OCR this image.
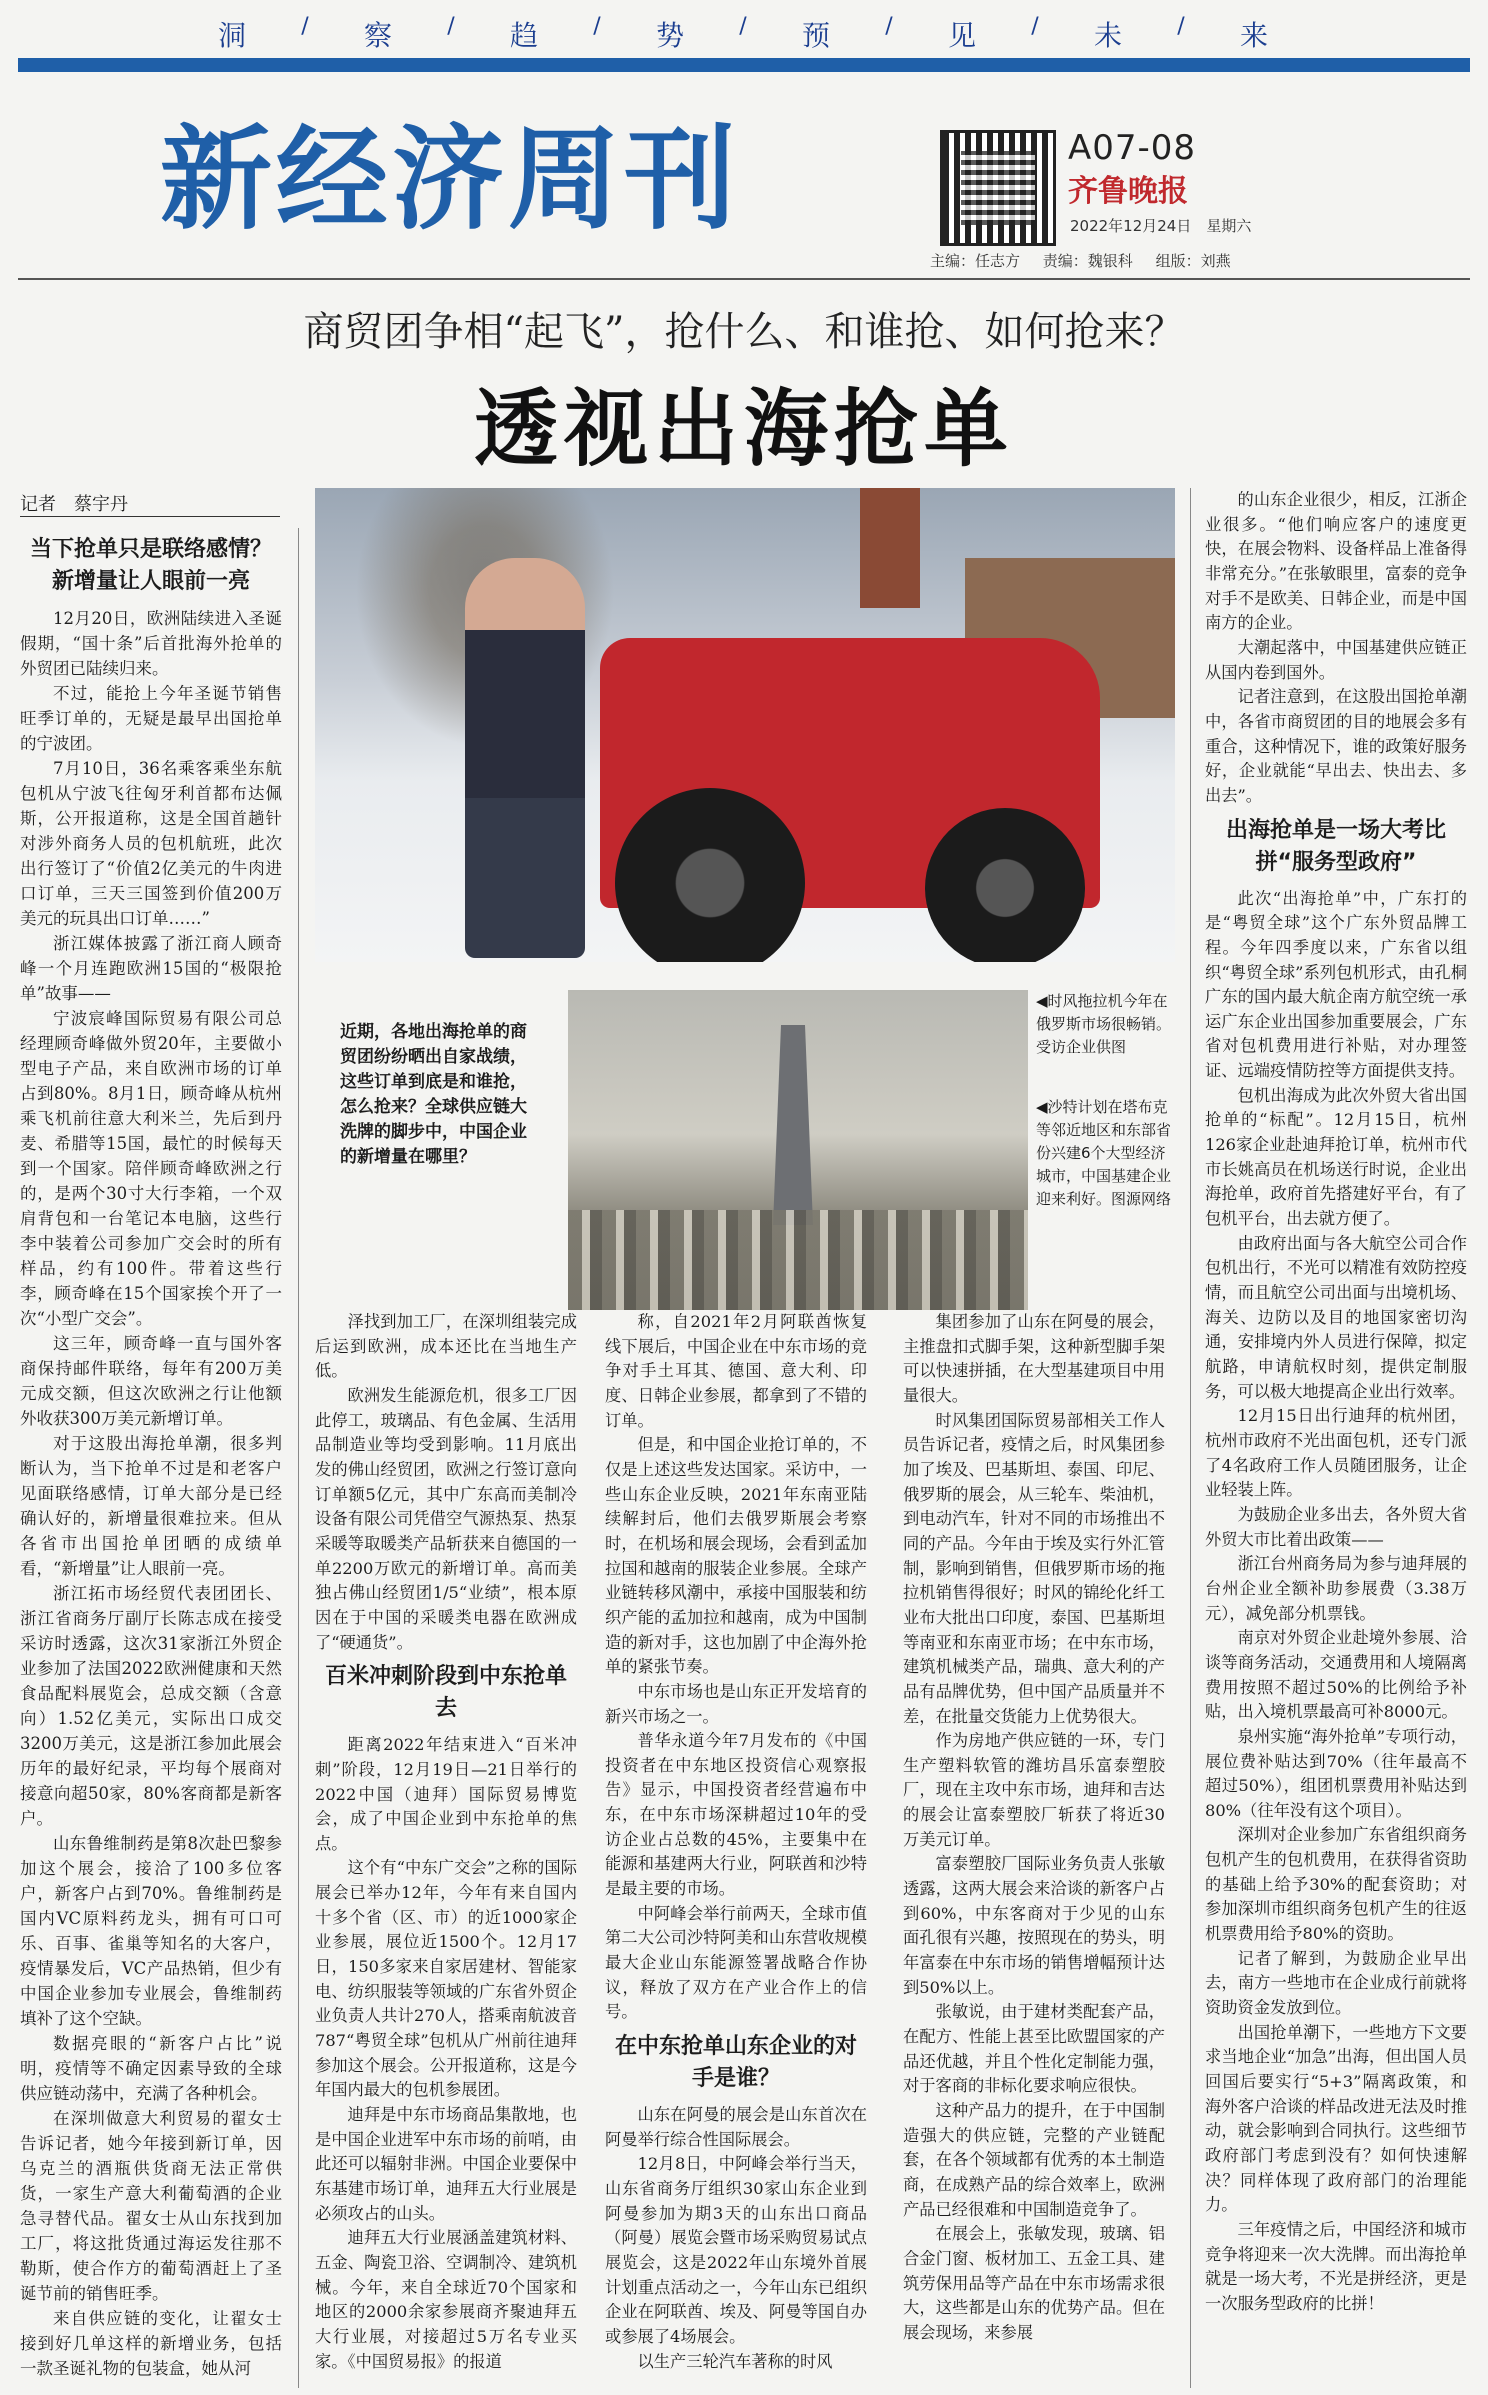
洞	/	察	/	趋	/	势	/	预	/	见	/	未	/	来
新经济周刊	A07-08
齐鲁晚报
2022年12月24日　星期六
主编：任志方 责编：魏银科 组版：刘燕
商贸团争相“起飞”，抢什么、和谁抢、如何抢来？
透视出海抢单
记者　蔡宇丹
◀时风拖拉机今年在俄罗斯市场很畅销。受访企业供图
◀沙特计划在塔布克等邻近地区和东部省份兴建6个大型经济城市，中国基建企业迎来利好。图源网络
近期，各地出海抢单的商贸团纷纷晒出自家战绩，这些订单到底是和谁抢，怎么抢来？全球供应链大洗牌的脚步中，中国企业的新增量在哪里？
当下抢单只是联络感情？新增量让人眼前一亮

12月20日，欧洲陆续进入圣诞假期，“国十条”后首批海外抢单的外贸团已陆续归来。

不过，能抢上今年圣诞节销售旺季订单的，无疑是最早出国抢单的宁波团。

7月10日，36名乘客乘坐东航包机从宁波飞往匈牙利首都布达佩斯，公开报道称，这是全国首趟针对涉外商务人员的包机航班，此次出行签订了“价值2亿美元的牛肉进口订单，三天三国签到价值200万美元的玩具出口订单……”

浙江媒体披露了浙江商人顾奇峰一个月连跑欧洲15国的“极限抢单”故事——

宁波宸峰国际贸易有限公司总经理顾奇峰做外贸20年，主要做小型电子产品，来自欧洲市场的订单占到80%。8月1日，顾奇峰从杭州乘飞机前往意大利米兰，先后到丹麦、希腊等15国，最忙的时候每天到一个国家。陪伴顾奇峰欧洲之行的，是两个30寸大行李箱，一个双肩背包和一台笔记本电脑，这些行李中装着公司参加广交会时的所有样品，约有100件。带着这些行李，顾奇峰在15个国家挨个开了一次“小型广交会”。

这三年，顾奇峰一直与国外客商保持邮件联络，每年有200万美元成交额，但这次欧洲之行让他额外收获300万美元新增订单。

对于这股出海抢单潮，很多判断认为，当下抢单不过是和老客户见面联络感情，订单大部分是已经确认好的，新增量很难拉来。但从各省市出国抢单团晒的成绩单看，“新增量”让人眼前一亮。

浙江拓市场经贸代表团团长、浙江省商务厅副厅长陈志成在接受采访时透露，这次31家浙江外贸企业参加了法国2022欧洲健康和天然食品配料展览会，总成交额（含意向）1.52亿美元，实际出口成交3200万美元，这是浙江参加此展会历年的最好纪录，平均每个展商对接意向超50家，80%客商都是新客户。

山东鲁维制药是第8次赴巴黎参加这个展会，接洽了100多位客户，新客户占到70%。鲁维制药是国内VC原料药龙头，拥有可口可乐、百事、雀巢等知名的大客户，疫情暴发后，VC产品热销，但少有中国企业参加专业展会，鲁维制药填补了这个空缺。

数据亮眼的“新客户占比”说明，疫情等不确定因素导致的全球供应链动荡中，充满了各种机会。

在深圳做意大利贸易的翟女士告诉记者，她今年接到新订单，因乌克兰的酒瓶供货商无法正常供货，一家生产意大利葡萄酒的企业急寻替代品。翟女士从山东找到加工厂，将这批货通过海运发往那不勒斯，使合作方的葡萄酒赶上了圣诞节前的销售旺季。

来自供应链的变化，让翟女士接到好几单这样的新增业务，包括一款圣诞礼物的包装盒，她从河

泽找到加工厂，在深圳组装完成后运到欧洲，成本还比在当地生产低。

欧洲发生能源危机，很多工厂因此停工，玻璃品、有色金属、生活用品制造业等均受到影响。11月底出发的佛山经贸团，欧洲之行签订意向订单额5亿元，其中广东高而美制冷设备有限公司凭借空气源热泵、热泵采暖等取暖类产品斩获来自德国的一单2200万欧元的新增订单。高而美独占佛山经贸团1/5“业绩”，根本原因在于中国的采暖类电器在欧洲成了“硬通货”。

百米冲刺阶段到中东抢单去

距离2022年结束进入“百米冲刺”阶段，12月19日—21日举行的2022中国（迪拜）国际贸易博览会，成了中国企业到中东抢单的焦点。

这个有“中东广交会”之称的国际展会已举办12年，今年有来自国内十多个省（区、市）的近1000家企业参展，展位近1500个。12月17日，150多家来自家居建材、智能家电、纺织服装等领域的广东省外贸企业负责人共计270人，搭乘南航波音787“粤贸全球”包机从广州前往迪拜参加这个展会。公开报道称，这是今年国内最大的包机参展团。

迪拜是中东市场商品集散地，也是中国企业进军中东市场的前哨，由此还可以辐射非洲。中国企业要保中东基建市场订单，迪拜五大行业展是必须攻占的山头。

迪拜五大行业展涵盖建筑材料、五金、陶瓷卫浴、空调制冷、建筑机械。今年，来自全球近70个国家和地区的2000余家参展商齐聚迪拜五大行业展，对接超过5万名专业买家。《中国贸易报》的报道

称，自2021年2月阿联酋恢复线下展后，中国企业在中东市场的竞争对手土耳其、德国、意大利、印度、日韩企业参展，都拿到了不错的订单。

但是，和中国企业抢订单的，不仅是上述这些发达国家。采访中，一些山东企业反映，2021年东南亚陆续解封后，他们去俄罗斯展会考察时，在机场和展会现场，会看到孟加拉国和越南的服装企业参展。全球产业链转移风潮中，承接中国服装和纺织产能的孟加拉和越南，成为中国制造的新对手，这也加剧了中企海外抢单的紧张节奏。

中东市场也是山东正开发培育的新兴市场之一。

普华永道今年7月发布的《中国投资者在中东地区投资信心观察报告》显示，中国投资者经营遍布中东，在中东市场深耕超过10年的受访企业占总数的45%，主要集中在能源和基建两大行业，阿联酋和沙特是最主要的市场。

中阿峰会举行前两天，全球市值第二大公司沙特阿美和山东营收规模最大企业山东能源签署战略合作协议，释放了双方在产业合作上的信号。

在中东抢单山东企业的对手是谁？

山东在阿曼的展会是山东首次在阿曼举行综合性国际展会。

12月8日，中阿峰会举行当天，山东省商务厅组织30家山东企业到阿曼参加为期3天的山东出口商品（阿曼）展览会暨市场采购贸易试点展览会，这是2022年山东境外首展计划重点活动之一，今年山东已组织企业在阿联酋、埃及、阿曼等国自办或参展了4场展会。

以生产三轮汽车著称的时风

集团参加了山东在阿曼的展会，主推盘扣式脚手架，这种新型脚手架可以快速拼插，在大型基建项目中用量很大。

时风集团国际贸易部相关工作人员告诉记者，疫情之后，时风集团参加了埃及、巴基斯坦、泰国、印尼、俄罗斯的展会，从三轮车、柴油机，到电动汽车，针对不同的市场推出不同的产品。今年由于埃及实行外汇管制，影响到销售，但俄罗斯市场的拖拉机销售得很好；时风的锦纶化纤工业布大批出口印度，泰国、巴基斯坦等南亚和东南亚市场；在中东市场，建筑机械类产品，瑞典、意大利的产品有品牌优势，但中国产品质量并不差，在批量交货能力上优势很大。

作为房地产供应链的一环，专门生产塑料软管的潍坊昌乐富泰塑胶厂，现在主攻中东市场，迪拜和吉达的展会让富泰塑胶厂斩获了将近30万美元订单。

富泰塑胶厂国际业务负责人张敏透露，这两大展会来洽谈的新客户占到60%，中东客商对于少见的山东面孔很有兴趣，按照现在的势头，明年富泰在中东市场的销售增幅预计达到50%以上。

张敏说，由于建材类配套产品，在配方、性能上甚至比欧盟国家的产品还优越，并且个性化定制能力强，对于客商的非标化要求响应很快。

这种产品力的提升，在于中国制造强大的供应链，完整的产业链配套，在各个领域都有优秀的本土制造商，在成熟产品的综合效率上，欧洲产品已经很难和中国制造竞争了。

在展会上，张敏发现，玻璃、铝合金门窗、板材加工、五金工具、建筑劳保用品等产品在中东市场需求很大，这些都是山东的优势产品。但在展会现场，来参展

的山东企业很少，相反，江浙企业很多。“他们响应客户的速度更快，在展会物料、设备样品上准备得非常充分。”在张敏眼里，富泰的竞争对手不是欧美、日韩企业，而是中国南方的企业。

大潮起落中，中国基建供应链正从国内卷到国外。

记者注意到，在这股出国抢单潮中，各省市商贸团的目的地展会多有重合，这种情况下，谁的政策好服务好，企业就能“早出去、快出去、多出去”。

出海抢单是一场大考比拼“服务型政府”

此次“出海抢单”中，广东打的是“粤贸全球”这个广东外贸品牌工程。今年四季度以来，广东省以组织“粤贸全球”系列包机形式，由孔桐广东的国内最大航企南方航空统一承运广东企业出国参加重要展会，广东省对包机费用进行补贴，对办理签证、远端疫情防控等方面提供支持。

包机出海成为此次外贸大省出国抢单的“标配”。12月15日，杭州126家企业赴迪拜抢订单，杭州市代市长姚高员在机场送行时说，企业出海抢单，政府首先搭建好平台，有了包机平台，出去就方便了。

由政府出面与各大航空公司合作包机出行，不光可以精准有效防控疫情，而且航空公司出面与出境机场、海关、边防以及目的地国家密切沟通，安排境内外人员进行保障，拟定航路，申请航权时刻，提供定制服务，可以极大地提高企业出行效率。

12月15日出行迪拜的杭州团，杭州市政府不光出面包机，还专门派了4名政府工作人员随团服务，让企业轻装上阵。

为鼓励企业多出去，各外贸大省外贸大市比着出政策——

浙江台州商务局为参与迪拜展的台州企业全额补助参展费（3.38万元），减免部分机票钱。

南京对外贸企业赴境外参展、洽谈等商务活动，交通费用和人境隔离费用按照不超过50%的比例给予补贴，出入境机票最高可补8000元。

泉州实施“海外抢单”专项行动，展位费补贴达到70%（往年最高不超过50%），组团机票费用补贴达到80%（往年没有这个项目）。

深圳对企业参加广东省组织商务包机产生的包机费用，在获得省资助的基础上给予30%的配套资助；对参加深圳市组织商务包机产生的往返机票费用给予80%的资助。

记者了解到，为鼓励企业早出去，南方一些地市在企业成行前就将资助资金发放到位。

出国抢单潮下，一些地方下文要求当地企业“加急”出海，但出国人员回国后要实行“5+3”隔离政策，和海外客户洽谈的样品改进无法及时推动，就会影响到合同执行。这些细节政府部门考虑到没有？如何快速解决？同样体现了政府部门的治理能力。

三年疫情之后，中国经济和城市竞争将迎来一次大洗牌。而出海抢单就是一场大考，不光是拼经济，更是一次服务型政府的比拼！
